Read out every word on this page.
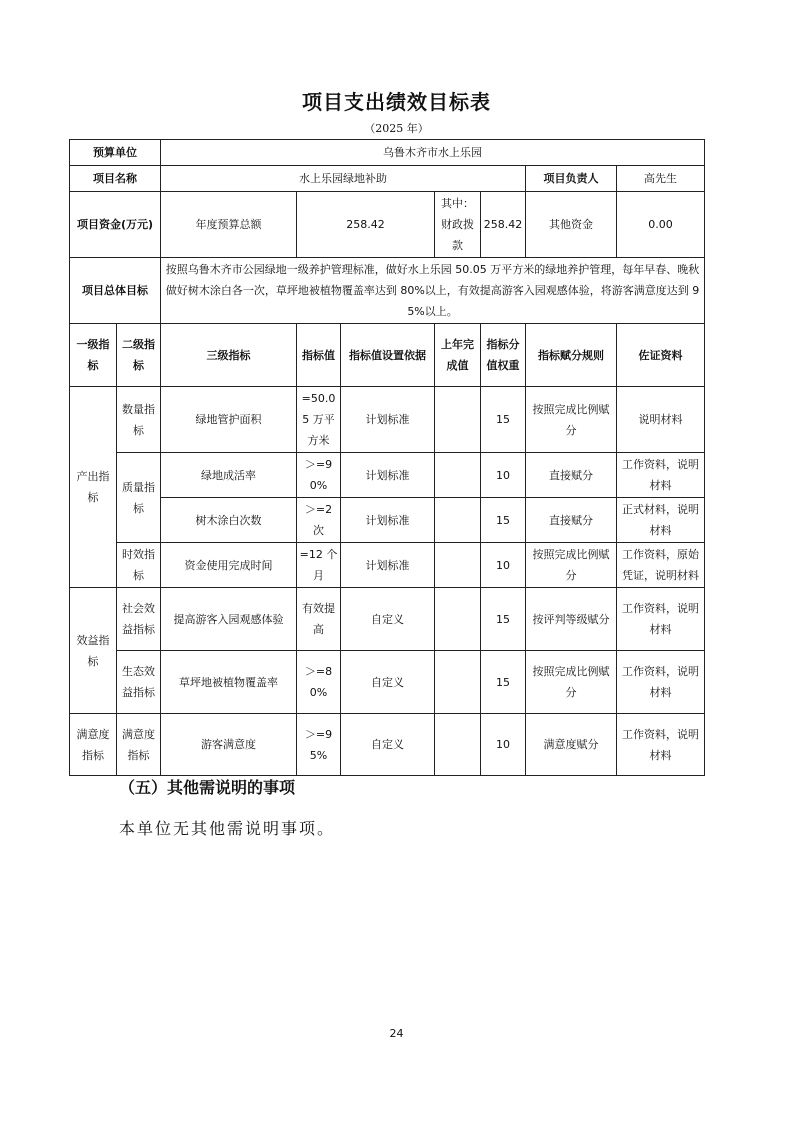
项目支出绩效目标表
（2025 年）
预算单位		乌鲁木齐市水上乐园						
项目名称		水上乐园绿地补助					项目负责人	高先生
项目资金(万元)		年度预算总额	258.42		其中：财政拨款	258.42	其他资金	0.00

项目总体目标		按照乌鲁木齐市公园绿地一级养护管理标准，做好水上乐园 50.05 万平方米的绿地养护管理，每年早春、晚秋做好树木涂白各一次，草坪地被植物覆盖率达到 80%以上，有效提高游客入园观感体验，将游客满意度达到 95%以上。						
一级指标	二级指标	三级指标	指标值	指标值设置依据	上年完成值	指标分值权重	指标赋分规则	佐证资料
产出指标	数量指标	绿地管护面积	=50.05 万平方米	计划标准		15	按照完成比例赋分	说明材料
	质量指标	绿地成活率	＞=90%	计划标准		10	直接赋分	工作资料，说明材料
		树木涂白次数	＞=2 次	计划标准		15	直接赋分	正式材料，说明材料
	时效指标	资金使用完成时间	=12 个月	计划标准		10	按照完成比例赋分	工作资料，原始凭证，说明材料
效益指标	社会效益指标	提高游客入园观感体验	有效提高	自定义		15	按评判等级赋分	工作资料，说明材料
	生态效益指标	草坪地被植物覆盖率	＞=80%	自定义		15	按照完成比例赋分	工作资料，说明材料
满意度指标	满意度指标	游客满意度	＞=95%	自定义		10	满意度赋分	工作资料，说明材料
（五）其他需说明的事项
本单位无其他需说明事项。
24
